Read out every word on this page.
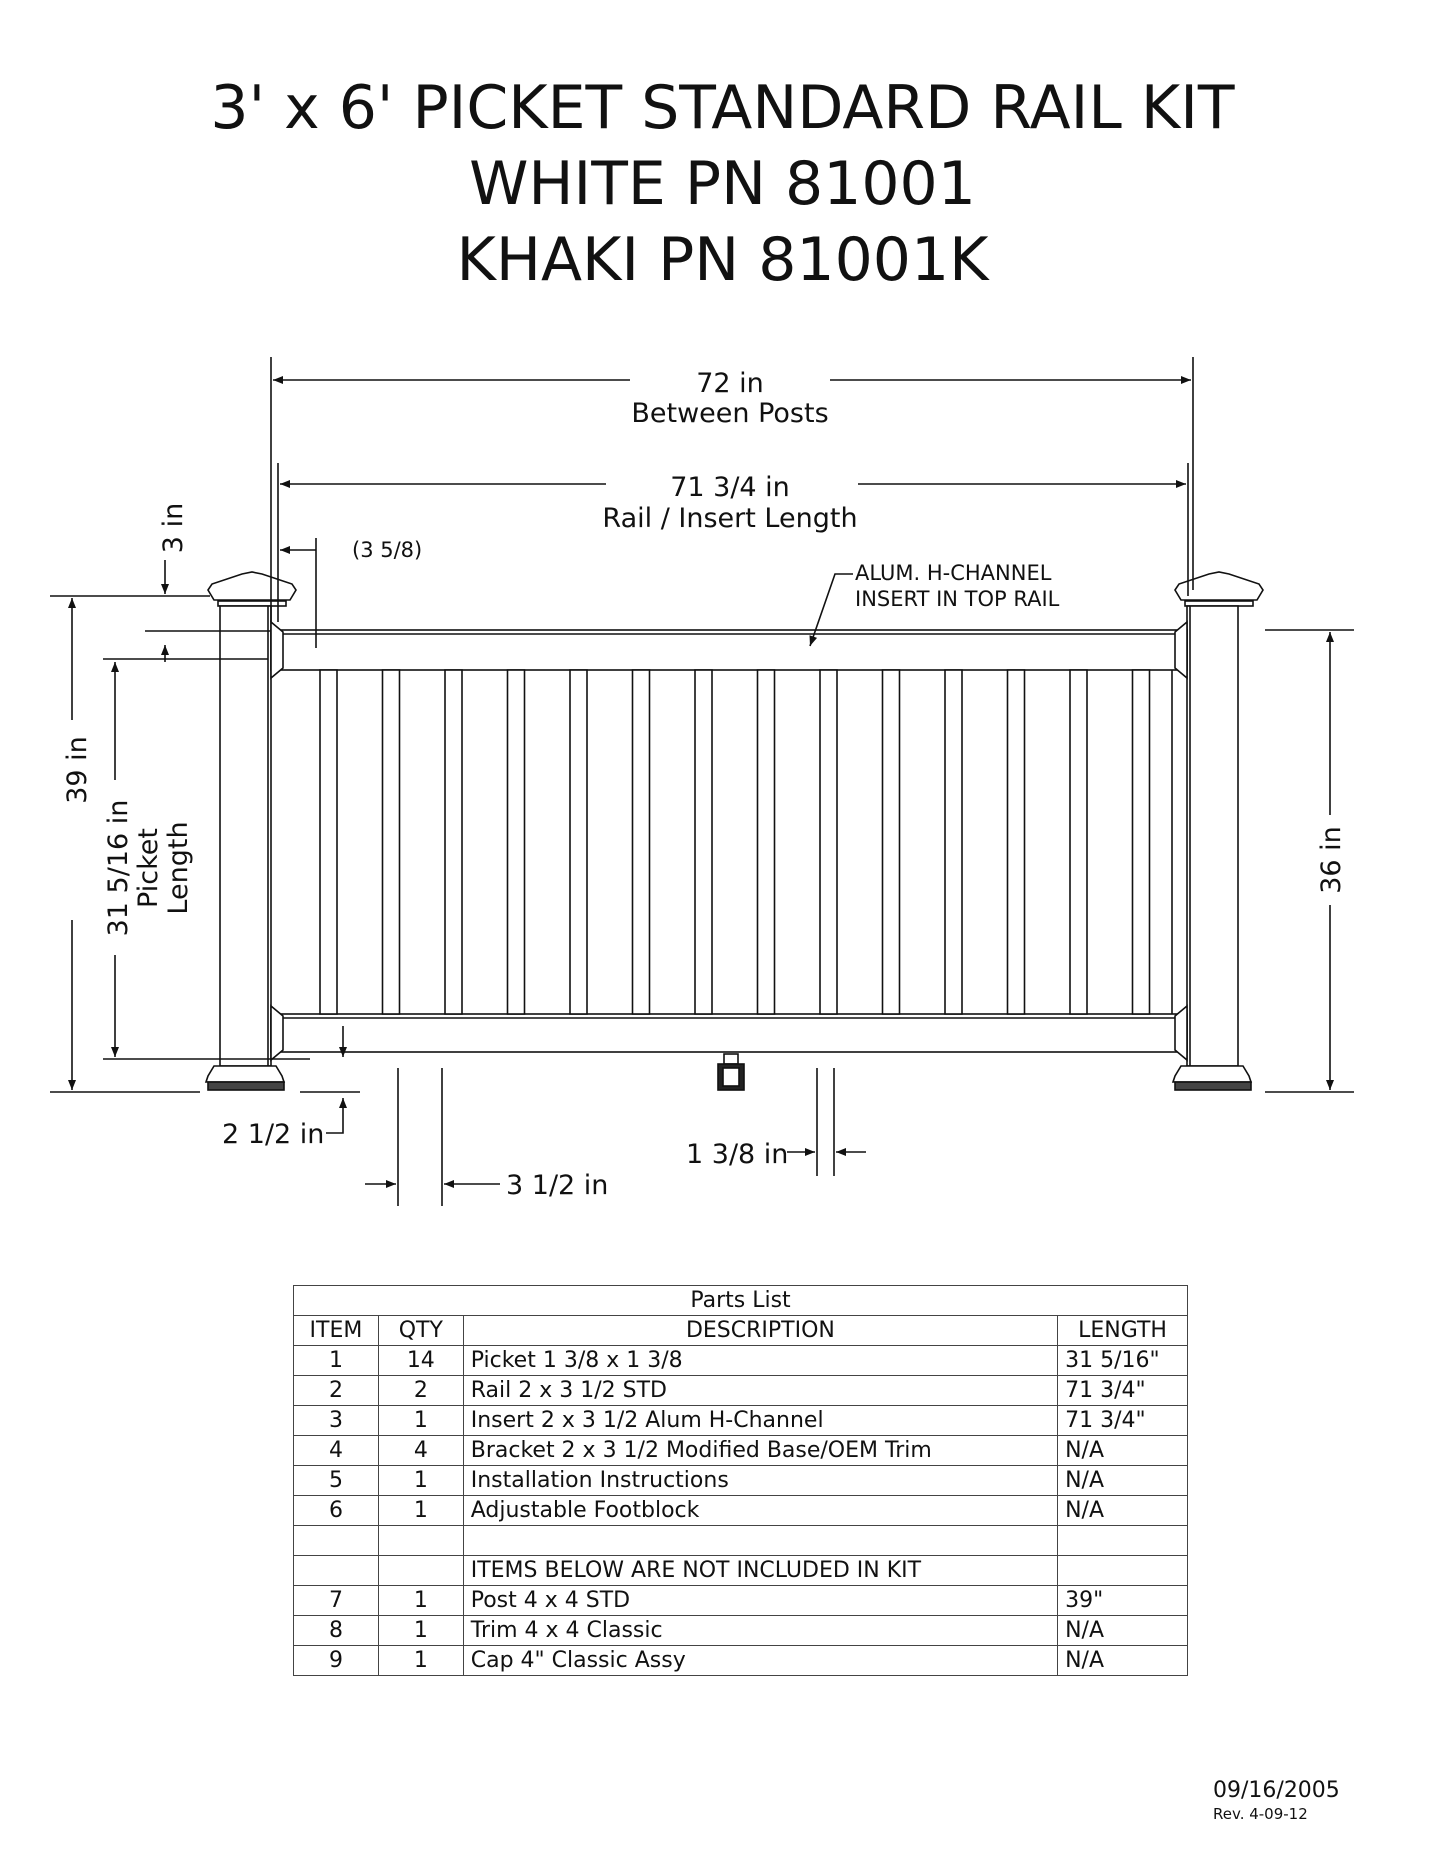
3' x 6' PICKET STANDARD RAIL KIT
WHITE PN 81001
KHAKI PN 81001K
72 in
Between Posts
71 3/4 in
Rail / Insert Length
3 in	(3 5/8)
39 in
31 5/16 in Picket Length	36 in
2 1/2 in
3 1/2 in
1 3/8 in
ALUM. H-CHANNEL
INSERT IN TOP RAIL
Parts List			
ITEM	QTY	DESCRIPTION	LENGTH
1	14	Picket 1 3/8 x 1 3/8	31 5/16"
2	2	Rail 2 x 3 1/2 STD	71 3/4"
3	1	Insert 2 x 3 1/2 Alum H-Channel	71 3/4"
4	4	Bracket 2 x 3 1/2 Modified Base/OEM Trim	N/A
5	1	Installation Instructions	N/A
6	1	Adjustable Footblock	N/A

		ITEMS BELOW ARE NOT INCLUDED IN KIT	
7	1	Post 4 x 4 STD	39"
8	1	Trim 4 x 4 Classic	N/A
9	1	Cap 4" Classic Assy	N/A
09/16/2005
Rev. 4-09-12
